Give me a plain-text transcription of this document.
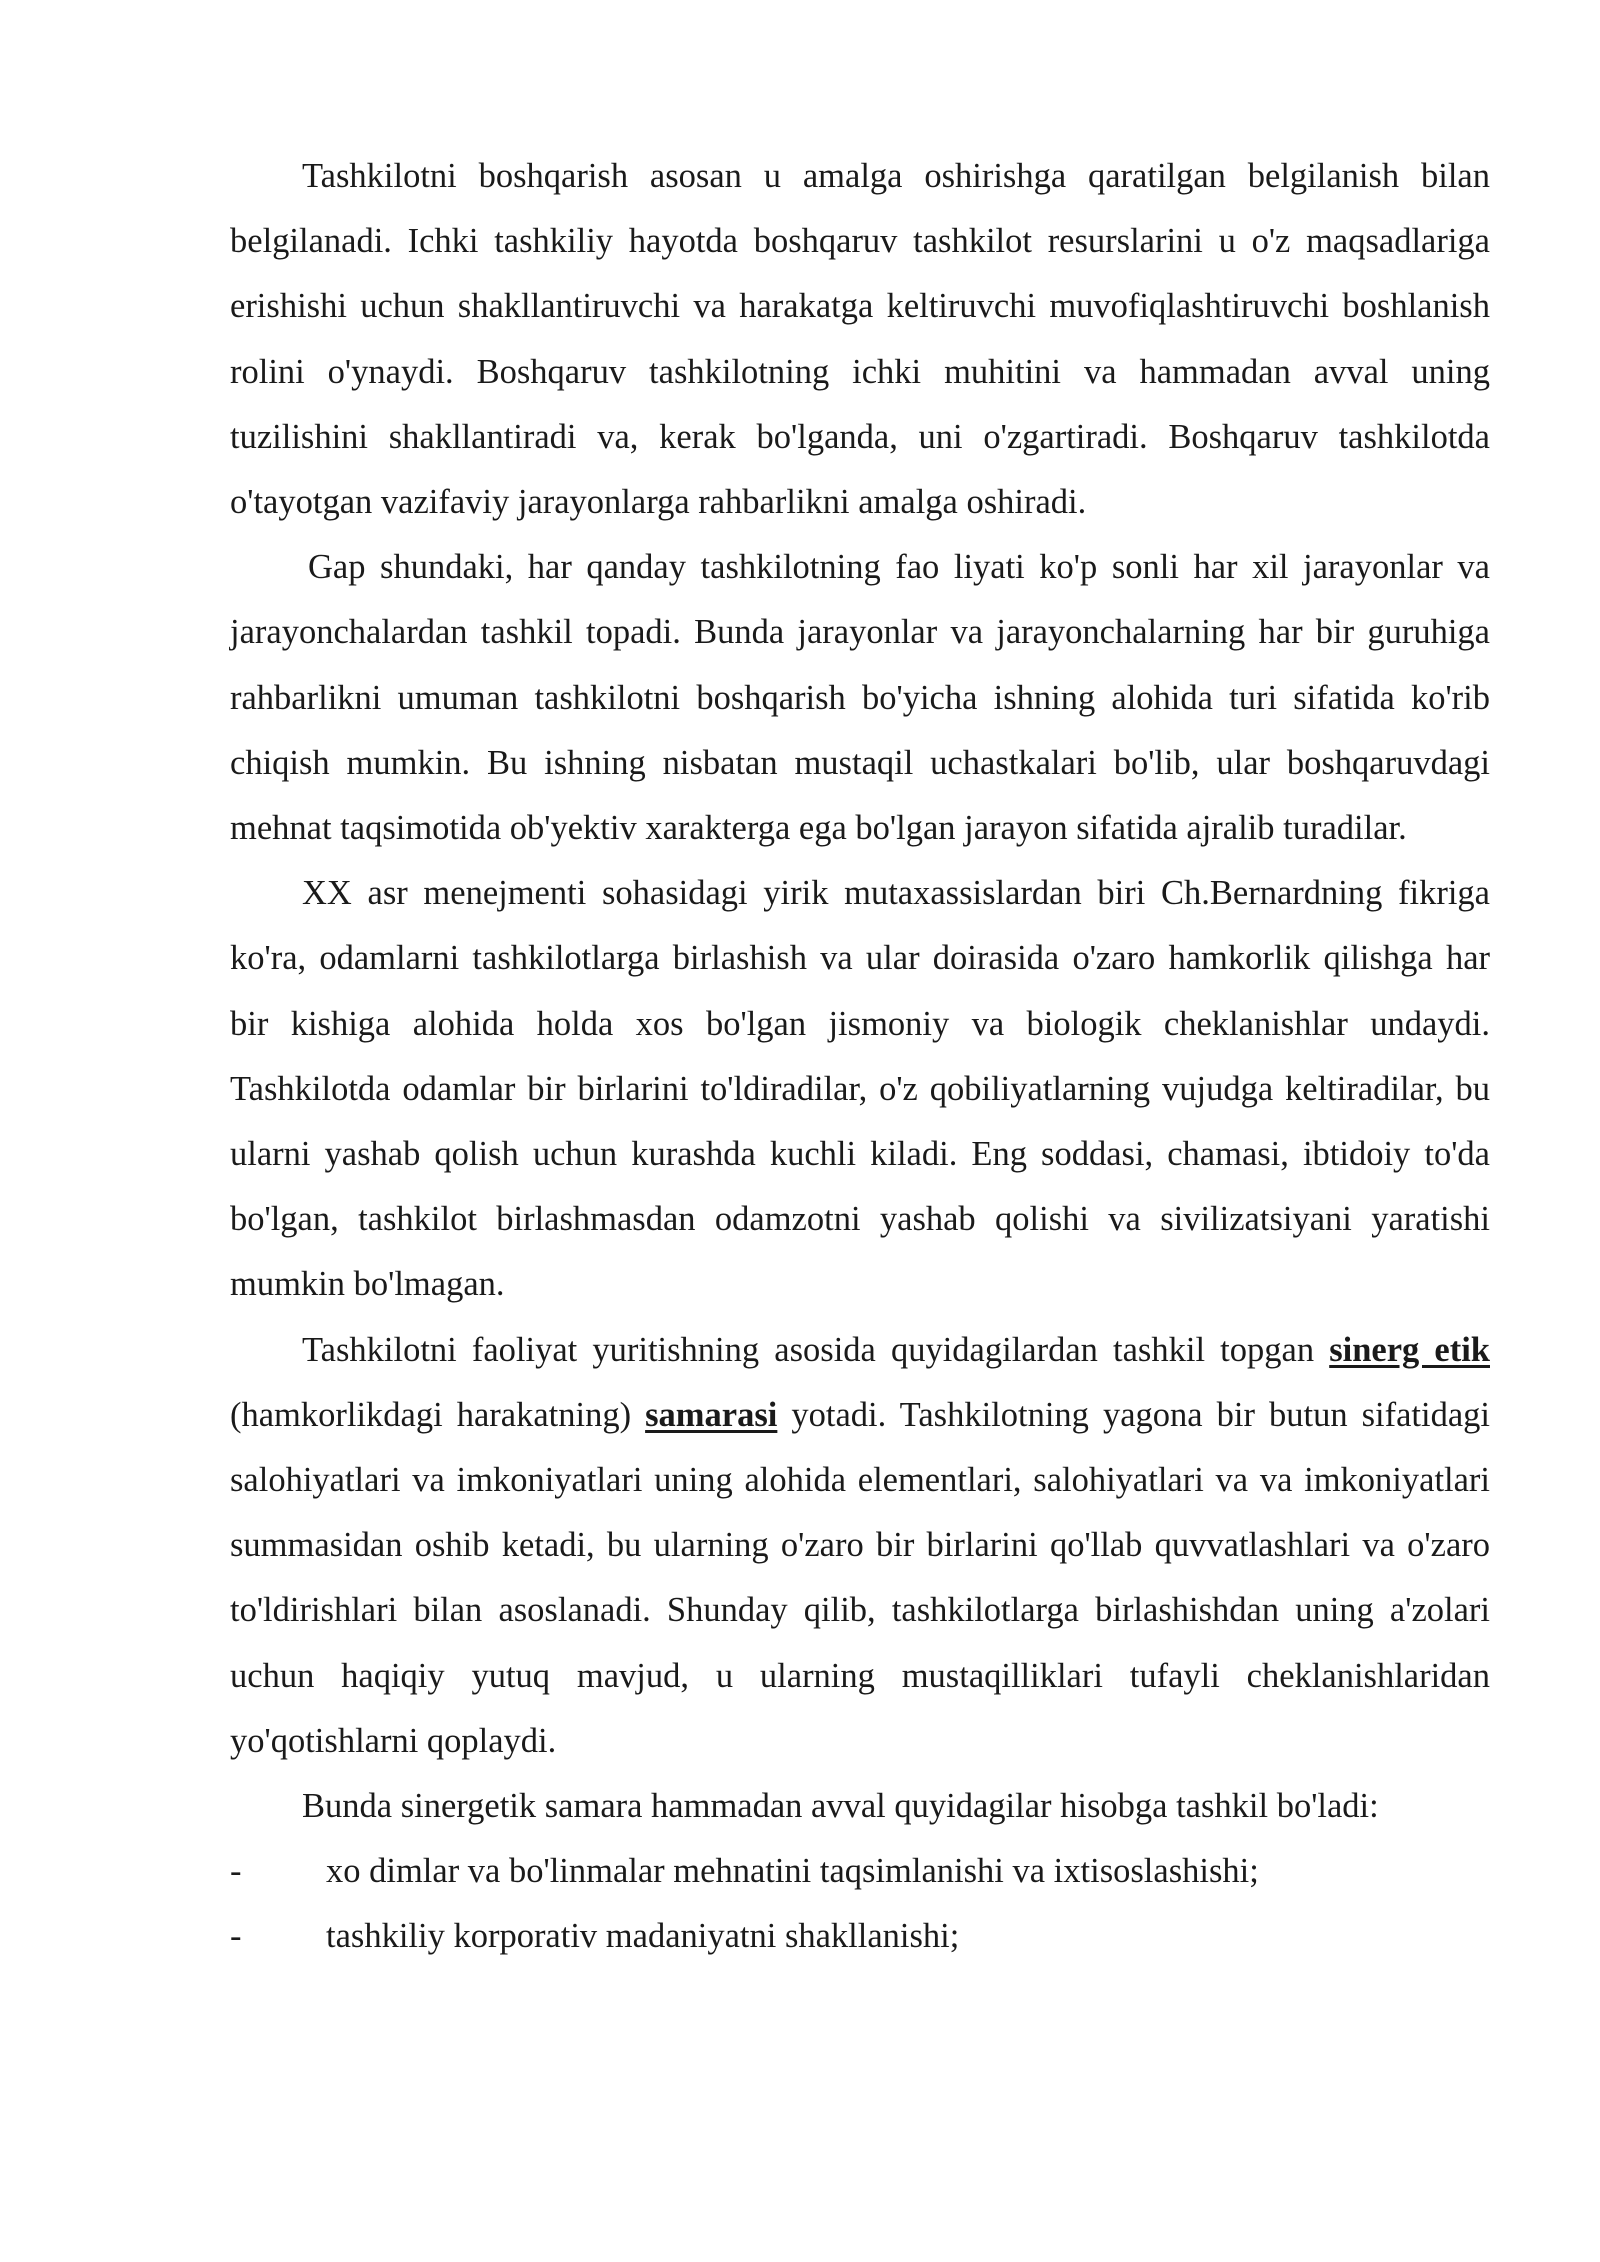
Tashkilotni boshqarish asosan u amalga oshirishga qaratilgan belgilanish bilan belgilanadi. Ichki tashkiliy hayotda boshqaruv tashkilot resurslarini u o'z maqsadlariga erishishi uchun shakllantiruvchi va harakatga keltiruvchi muvofiqlashtiruvchi boshlanish rolini o'ynaydi. Boshqaruv tashkilotning ichki muhitini va hammadan avval uning tuzilishini shakllantiradi va, kerak bo'lganda, uni o'zgartiradi. Boshqaruv tashkilotda o'tayotgan vazifaviy jarayonlarga rahbarlikni amalga oshiradi.

Gap shundaki, har qanday tashkilotning fao liyati ko'p sonli har xil jarayonlar va jarayonchalardan tashkil topadi. Bunda jarayonlar va jarayonchalarning har bir guruhiga rahbarlikni umuman tashkilotni boshqarish bo'yicha ishning alohida turi sifatida ko'rib chiqish mumkin. Bu ishning nisbatan mustaqil uchastkalari bo'lib, ular boshqaruvdagi mehnat taqsimotida ob'yektiv xarakterga ega bo'lgan jarayon sifatida ajralib turadilar.

XX asr menejmenti sohasidagi yirik mutaxassislardan biri Ch.Bernardning fikriga ko'ra, odamlarni tashkilotlarga birlashish va ular doirasida o'zaro hamkorlik qilishga har bir kishiga alohida holda xos bo'lgan jismoniy va biologik cheklanishlar undaydi. Tashkilotda odamlar bir birlarini to'ldiradilar, o'z qobiliyatlarning vujudga keltiradilar, bu ularni yashab qolish uchun kurashda kuchli kiladi. Eng soddasi, chamasi, ibtidoiy to'da bo'lgan, tashkilot birlashmasdan odamzotni yashab qolishi va sivilizatsiyani yaratishi mumkin bo'lmagan.

Tashkilotni faoliyat yuritishning asosida quyidagilardan tashkil topgan sinerg etik (hamkorlikdagi harakatning) samarasi yotadi. Tashkilotning yagona bir butun sifatidagi salohiyatlari va imkoniyatlari uning alohida elementlari, salohiyatlari va va imkoniyatlari summasidan oshib ketadi, bu ularning o'zaro bir birlarini qo'llab quvvatlashlari va o'zaro to'ldirishlari bilan asoslanadi. Shunday qilib, tashkilotlarga birlashishdan uning a'zolari uchun haqiqiy yutuq mavjud, u ularning mustaqilliklari tufayli cheklanishlaridan yo'qotishlarni qoplaydi.

Bunda sinergetik samara hammadan avval quyidagilar hisobga tashkil bo'ladi:

- xo dimlar va bo'linmalar mehnatini taqsimlanishi va ixtisoslashishi;

- tashkiliy korporativ madaniyatni shakllanishi;
